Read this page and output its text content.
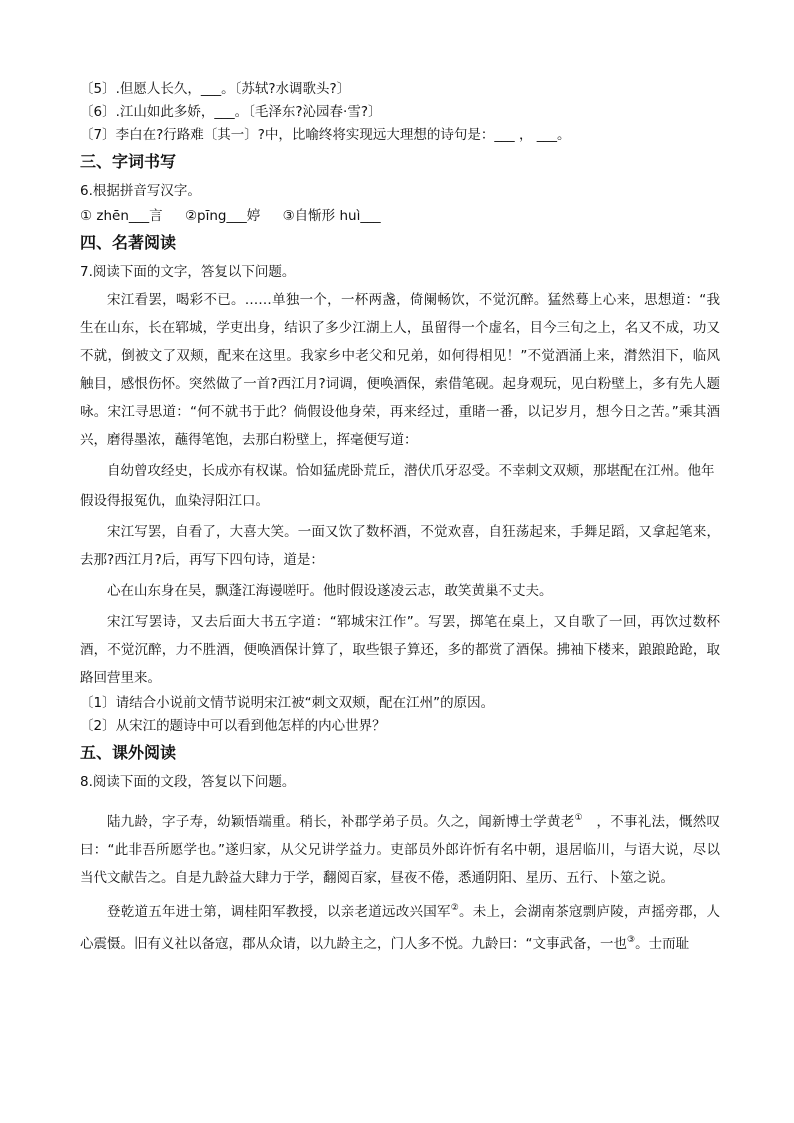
〔5〕.但愿人长久，___。〔苏轼?水调歌头?〕
〔6〕.江山如此多娇，___。〔毛泽东?沁园春·雪?〕
〔7〕李白在?行路难〔其一〕?中，比喻终将实现远大理想的诗句是：___ ， ___。
三、字词书写
6.根据拼音写汉字。
① zhēn___言 ②pīng___婷 ③自惭形 huì___
四、名著阅读
7.阅读下面的文字，答复以下问题。
宋江看罢，喝彩不已。……单独一个，一杯两盏，倚阑畅饮，不觉沉醉。猛然蓦上心来，思想道：“我生在山东，长在郓城，学吏出身，结识了多少江湖上人，虽留得一个虚名，目今三旬之上，名又不成，功又不就，倒被文了双颊，配来在这里。我家乡中老父和兄弟，如何得相见！”不觉酒涌上来，潸然泪下，临风触目，感恨伤怀。突然做了一首?西江月?词调，便唤酒保，索借笔砚。起身观玩，见白粉壁上，多有先人题咏。宋江寻思道：“何不就书于此？倘假设他身荣，再来经过，重睹一番，以记岁月，想今日之苦。”乘其酒兴，磨得墨浓，蘸得笔饱，去那白粉壁上，挥毫便写道：
自幼曾攻经史，长成亦有权谋。恰如猛虎卧荒丘，潜伏爪牙忍受。不幸刺文双颊，那堪配在江州。他年假设得报冤仇，血染浔阳江口。
宋江写罢，自看了，大喜大笑。一面又饮了数杯酒，不觉欢喜，自狂荡起来，手舞足蹈，又拿起笔来，去那?西江月?后，再写下四句诗，道是：
心在山东身在吴，飘蓬江海谩嗟吁。他时假设遂凌云志，敢笑黄巢不丈夫。
宋江写罢诗，又去后面大书五字道：“郓城宋江作”。写罢，掷笔在桌上，又自歌了一回，再饮过数杯酒，不觉沉醉，力不胜酒，便唤酒保计算了，取些银子算还，多的都赏了酒保。拂袖下楼来，踉踉跄跄，取路回营里来。
〔1〕请结合小说前文情节说明宋江被“刺文双颊，配在江州”的原因。
〔2〕从宋江的题诗中可以看到他怎样的内心世界？
五、课外阅读
8.阅读下面的文段，答复以下问题。
陆九龄，字子寿，幼颖悟端重。稍长，补郡学弟子员。久之，闻新博士学黄老①　，不事礼法，慨然叹曰：“此非吾所愿学也。”遂归家，从父兄讲学益力。吏部员外郎许忻有名中朝，退居临川，与语大说，尽以当代文献告之。自是九龄益大肆力于学，翻阅百家，昼夜不倦，悉通阴阳、星历、五行、卜筮之说。
登乾道五年进士第，调桂阳军教授，以亲老道远改兴国军②。未上，会湖南茶寇剽庐陵，声摇旁郡，人心震慑。旧有义社以备寇，郡从众请，以九龄主之，门人多不悦。九龄曰：“文事武备，一也③。士而耻
